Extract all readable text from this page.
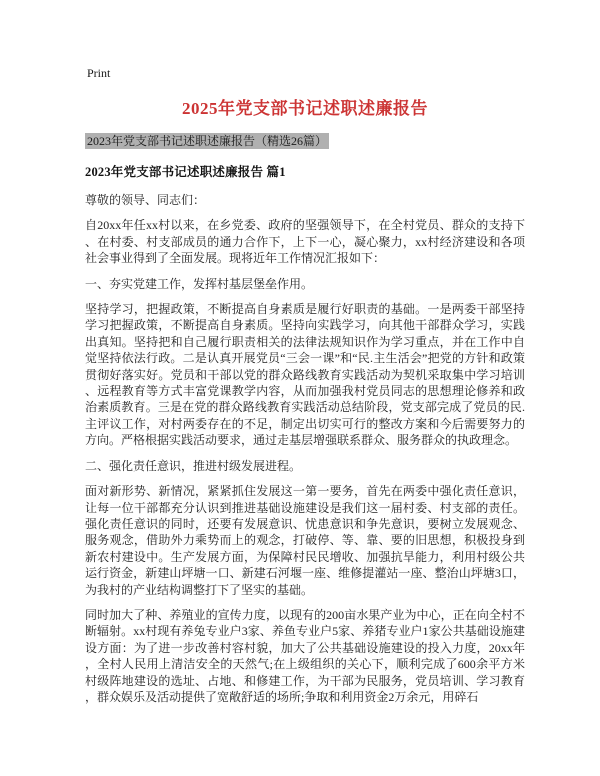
Print
2025年党支部书记述职述廉报告
2023年党支部书记述职述廉报告（精选26篇）
2023年党支部书记述职述廉报告 篇1

尊敬的领导、同志们：

自20xx年任xx村以来，在乡党委、政府的坚强领导下，在全村党员、群众的支持下、在村委、村支部成员的通力合作下，上下一心，凝心聚力，xx村经济建设和各项社会事业得到了全面发展。现将近年工作情况汇报如下：

一、夯实党建工作，发挥村基层堡垒作用。

坚持学习，把握政策，不断提高自身素质是履行好职责的基础。一是两委干部坚持学习把握政策，不断提高自身素质。坚持向实践学习，向其他干部群众学习，实践出真知。坚持把和自己履行职责相关的法律法规知识作为学习重点，并在工作中自觉坚持依法行政。二是认真开展党员“三会一课”和“民.主生活会”把党的方针和政策贯彻好落实好。党员和干部以党的群众路线教育实践活动为契机采取集中学习培训、远程教育等方式丰富党课教学内容，从而加强我村党员同志的思想理论修养和政治素质教育。三是在党的群众路线教育实践活动总结阶段，党支部完成了党员的民.主评议工作，对村两委存在的不足，制定出切实可行的整改方案和今后需要努力的方向。严格根据实践活动要求，通过走基层增强联系群众、服务群众的执政理念。

二、强化责任意识，推进村级发展进程。

面对新形势、新情况，紧紧抓住发展这一第一要务，首先在两委中强化责任意识，让每一位干部都充分认识到推进基础设施建设是我们这一届村委、村支部的责任。强化责任意识的同时，还要有发展意识、忧患意识和争先意识，要树立发展观念、服务观念，借助外力乘势而上的观念，打破停、等、靠、要的旧思想，积极投身到新农村建设中。生产发展方面，为保障村民民增收、加强抗旱能力，利用村级公共运行资金，新建山坪塘一口、新建石河堰一座、维修提灌站一座、整治山坪塘3口，为我村的产业结构调整打下了坚实的基础。

同时加大了种、养殖业的宣传力度，以现有的200亩水果产业为中心，正在向全村不断辐射。xx村现有养兔专业户3家、养鱼专业户5家、养猪专业户1家公共基础设施建设方面：为了进一步改善村容村貌，加大了公共基础设施建设的投入力度，20xx年，全村人民用上清洁安全的天然气;在上级组织的关心下，顺利完成了600余平方米村级阵地建设的选址、占地、和修建工作，为干部为民服务，党员培训、学习教育，群众娱乐及活动提供了宽敞舒适的场所;争取和利用资金2万余元，用碎石
